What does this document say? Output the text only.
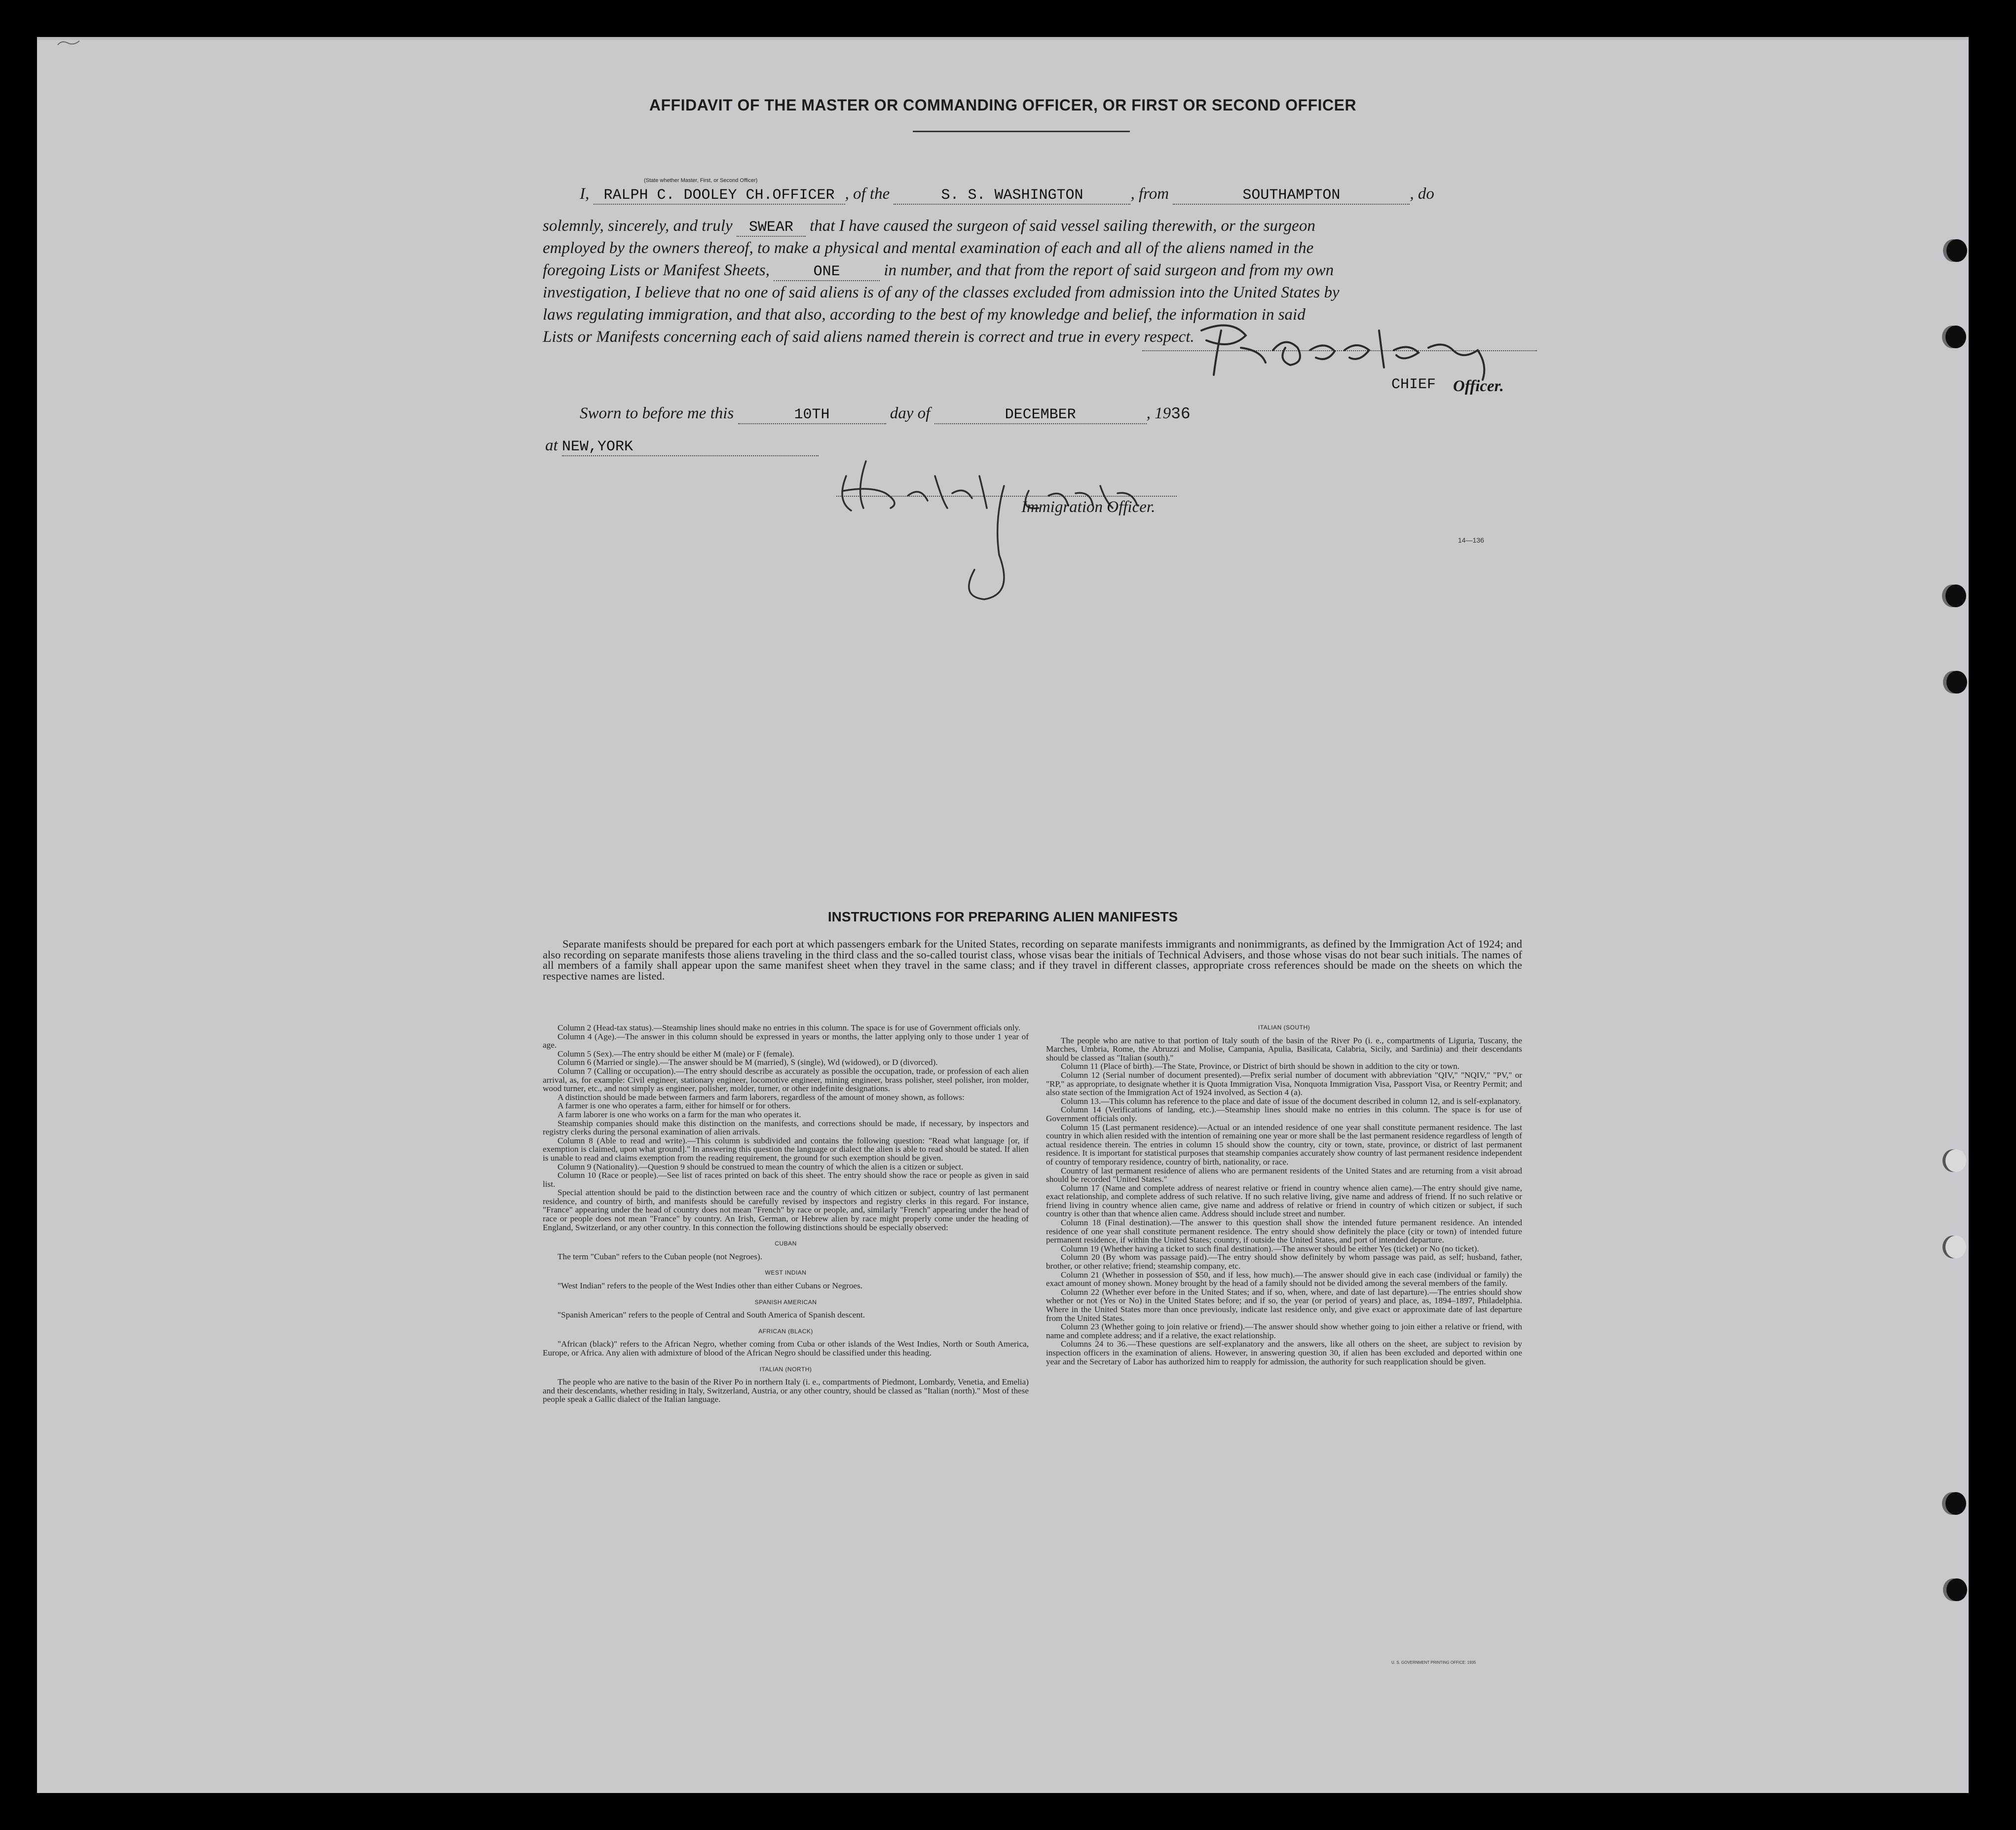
AFFIDAVIT OF THE MASTER OR COMMANDING OFFICER, OR FIRST OR SECOND OFFICER
I, RALPH C. DOOLEY CH.OFFICER , of the	S. S. WASHINGTON	, from	SOUTHAMPTON	, do
(State whether Master, First, or Second Officer)
solemnly, sincerely, and truly SWEAR that I have caused the surgeon of said vessel sailing therewith, or the surgeon
employed by the owners thereof, to make a physical and mental examination of each and all of the aliens named in the
foregoing Lists or Manifest Sheets,	ONE	in number, and that from the report of said surgeon and from my own
investigation, I believe that no one of said aliens is of any of the classes excluded from admission into the United States by
laws regulating immigration, and that also, according to the best of my knowledge and belief, the information in said
Lists or Manifests concerning each of said aliens named therein is correct and true in every respect.
CHIEF Officer.
Sworn to before me this	10TH	day of	DECEMBER	, 1936
at NEW,YORK
Immigration Officer.
14—136
INSTRUCTIONS FOR PREPARING ALIEN MANIFESTS
Separate manifests should be prepared for each port at which passengers embark for the United States, recording on separate manifests immigrants and nonimmigrants, as defined by the Immigration Act of 1924; and also recording on separate manifests those aliens traveling in the third class and the so-called tourist class, whose visas bear the initials of Technical Advisers, and those whose visas do not bear such initials. The names of all members of a family shall appear upon the same manifest sheet when they travel in the same class; and if they travel in different classes, appropriate cross references should be made on the sheets on which the respective names are listed.

Column 2 (Head-tax status).—Steamship lines should make no entries in this column. The space is for use of Government officials only.

Column 4 (Age).—The answer in this column should be expressed in years or months, the latter applying only to those under 1 year of age.

Column 5 (Sex).—The entry should be either M (male) or F (female).

Column 6 (Married or single).—The answer should be M (married), S (single), Wd (widowed), or D (divorced).

Column 7 (Calling or occupation).—The entry should describe as accurately as possible the occupation, trade, or profession of each alien arrival, as, for example: Civil engineer, stationary engineer, locomotive engineer, mining engineer, brass polisher, steel polisher, iron molder, wood turner, etc., and not simply as engineer, polisher, molder, turner, or other indefinite designations.

A distinction should be made between farmers and farm laborers, regardless of the amount of money shown, as follows:

A farmer is one who operates a farm, either for himself or for others.

A farm laborer is one who works on a farm for the man who operates it.

Steamship companies should make this distinction on the manifests, and corrections should be made, if necessary, by inspectors and registry clerks during the personal examination of alien arrivals.

Column 8 (Able to read and write).—This column is subdivided and contains the following question: "Read what language [or, if exemption is claimed, upon what ground]." In answering this question the language or dialect the alien is able to read should be stated. If alien is unable to read and claims exemption from the reading requirement, the ground for such exemption should be given.

Column 9 (Nationality).—Question 9 should be construed to mean the country of which the alien is a citizen or subject.

Column 10 (Race or people).—See list of races printed on back of this sheet. The entry should show the race or people as given in said list.

Special attention should be paid to the distinction between race and the country of which citizen or subject, country of last permanent residence, and country of birth, and manifests should be carefully revised by inspectors and registry clerks in this regard. For instance, "France" appearing under the head of country does not mean "French" by race or people, and, similarly "French" appearing under the head of race or people does not mean "France" by country. An Irish, German, or Hebrew alien by race might properly come under the heading of England, Switzerland, or any other country. In this connection the following distinctions should be especially observed:

CUBAN

The term "Cuban" refers to the Cuban people (not Negroes).

WEST INDIAN

"West Indian" refers to the people of the West Indies other than either Cubans or Negroes.

SPANISH AMERICAN

"Spanish American" refers to the people of Central and South America of Spanish descent.

AFRICAN (BLACK)

"African (black)" refers to the African Negro, whether coming from Cuba or other islands of the West Indies, North or South America, Europe, or Africa. Any alien with admixture of blood of the African Negro should be classified under this heading.

ITALIAN (NORTH)

The people who are native to the basin of the River Po in northern Italy (i. e., compartments of Piedmont, Lombardy, Venetia, and Emelia) and their descendants, whether residing in Italy, Switzerland, Austria, or any other country, should be classed as "Italian (north)." Most of these people speak a Gallic dialect of the Italian language.

ITALIAN (SOUTH)

The people who are native to that portion of Italy south of the basin of the River Po (i. e., compartments of Liguria, Tuscany, the Marches, Umbria, Rome, the Abruzzi and Molise, Campania, Apulia, Basilicata, Calabria, Sicily, and Sardinia) and their descendants should be classed as "Italian (south)."

Column 11 (Place of birth).—The State, Province, or District of birth should be shown in addition to the city or town.

Column 12 (Serial number of document presented).—Prefix serial number of document with abbreviation "QIV," "NQIV," "PV," or "RP," as appropriate, to designate whether it is Quota Immigration Visa, Nonquota Immigration Visa, Passport Visa, or Reentry Permit; and also state section of the Immigration Act of 1924 involved, as Section 4 (a).

Column 13.—This column has reference to the place and date of issue of the document described in column 12, and is self-explanatory.

Column 14 (Verifications of landing, etc.).—Steamship lines should make no entries in this column. The space is for use of Government officials only.

Column 15 (Last permanent residence).—Actual or an intended residence of one year shall constitute permanent residence. The last country in which alien resided with the intention of remaining one year or more shall be the last permanent residence regardless of length of actual residence therein. The entries in column 15 should show the country, city or town, state, province, or district of last permanent residence. It is important for statistical purposes that steamship companies accurately show country of last permanent residence independent of country of temporary residence, country of birth, nationality, or race.

Country of last permanent residence of aliens who are permanent residents of the United States and are returning from a visit abroad should be recorded "United States."

Column 17 (Name and complete address of nearest relative or friend in country whence alien came).—The entry should give name, exact relationship, and complete address of such relative. If no such relative living, give name and address of friend. If no such relative or friend living in country whence alien came, give name and address of relative or friend in country of which citizen or subject, if such country is other than that whence alien came. Address should include street and number.

Column 18 (Final destination).—The answer to this question shall show the intended future permanent residence. An intended residence of one year shall constitute permanent residence. The entry should show definitely the place (city or town) of intended future permanent residence, if within the United States; country, if outside the United States, and port of intended departure.

Column 19 (Whether having a ticket to such final destination).—The answer should be either Yes (ticket) or No (no ticket).

Column 20 (By whom was passage paid).—The entry should show definitely by whom passage was paid, as self; husband, father, brother, or other relative; friend; steamship company, etc.

Column 21 (Whether in possession of $50, and if less, how much).—The answer should give in each case (individual or family) the exact amount of money shown. Money brought by the head of a family should not be divided among the several members of the family.

Column 22 (Whether ever before in the United States; and if so, when, where, and date of last departure).—The entries should show whether or not (Yes or No) in the United States before; and if so, the year (or period of years) and place, as, 1894–1897, Philadelphia. Where in the United States more than once previously, indicate last residence only, and give exact or approximate date of last departure from the United States.

Column 23 (Whether going to join relative or friend).—The answer should show whether going to join either a relative or friend, with name and complete address; and if a relative, the exact relationship.

Columns 24 to 36.—These questions are self-explanatory and the answers, like all others on the sheet, are subject to revision by inspection officers in the examination of aliens. However, in answering question 30, if alien has been excluded and deported within one year and the Secretary of Labor has authorized him to reapply for admission, the authority for such reapplication should be given.

U. S. GOVERNMENT PRINTING OFFICE: 1935
